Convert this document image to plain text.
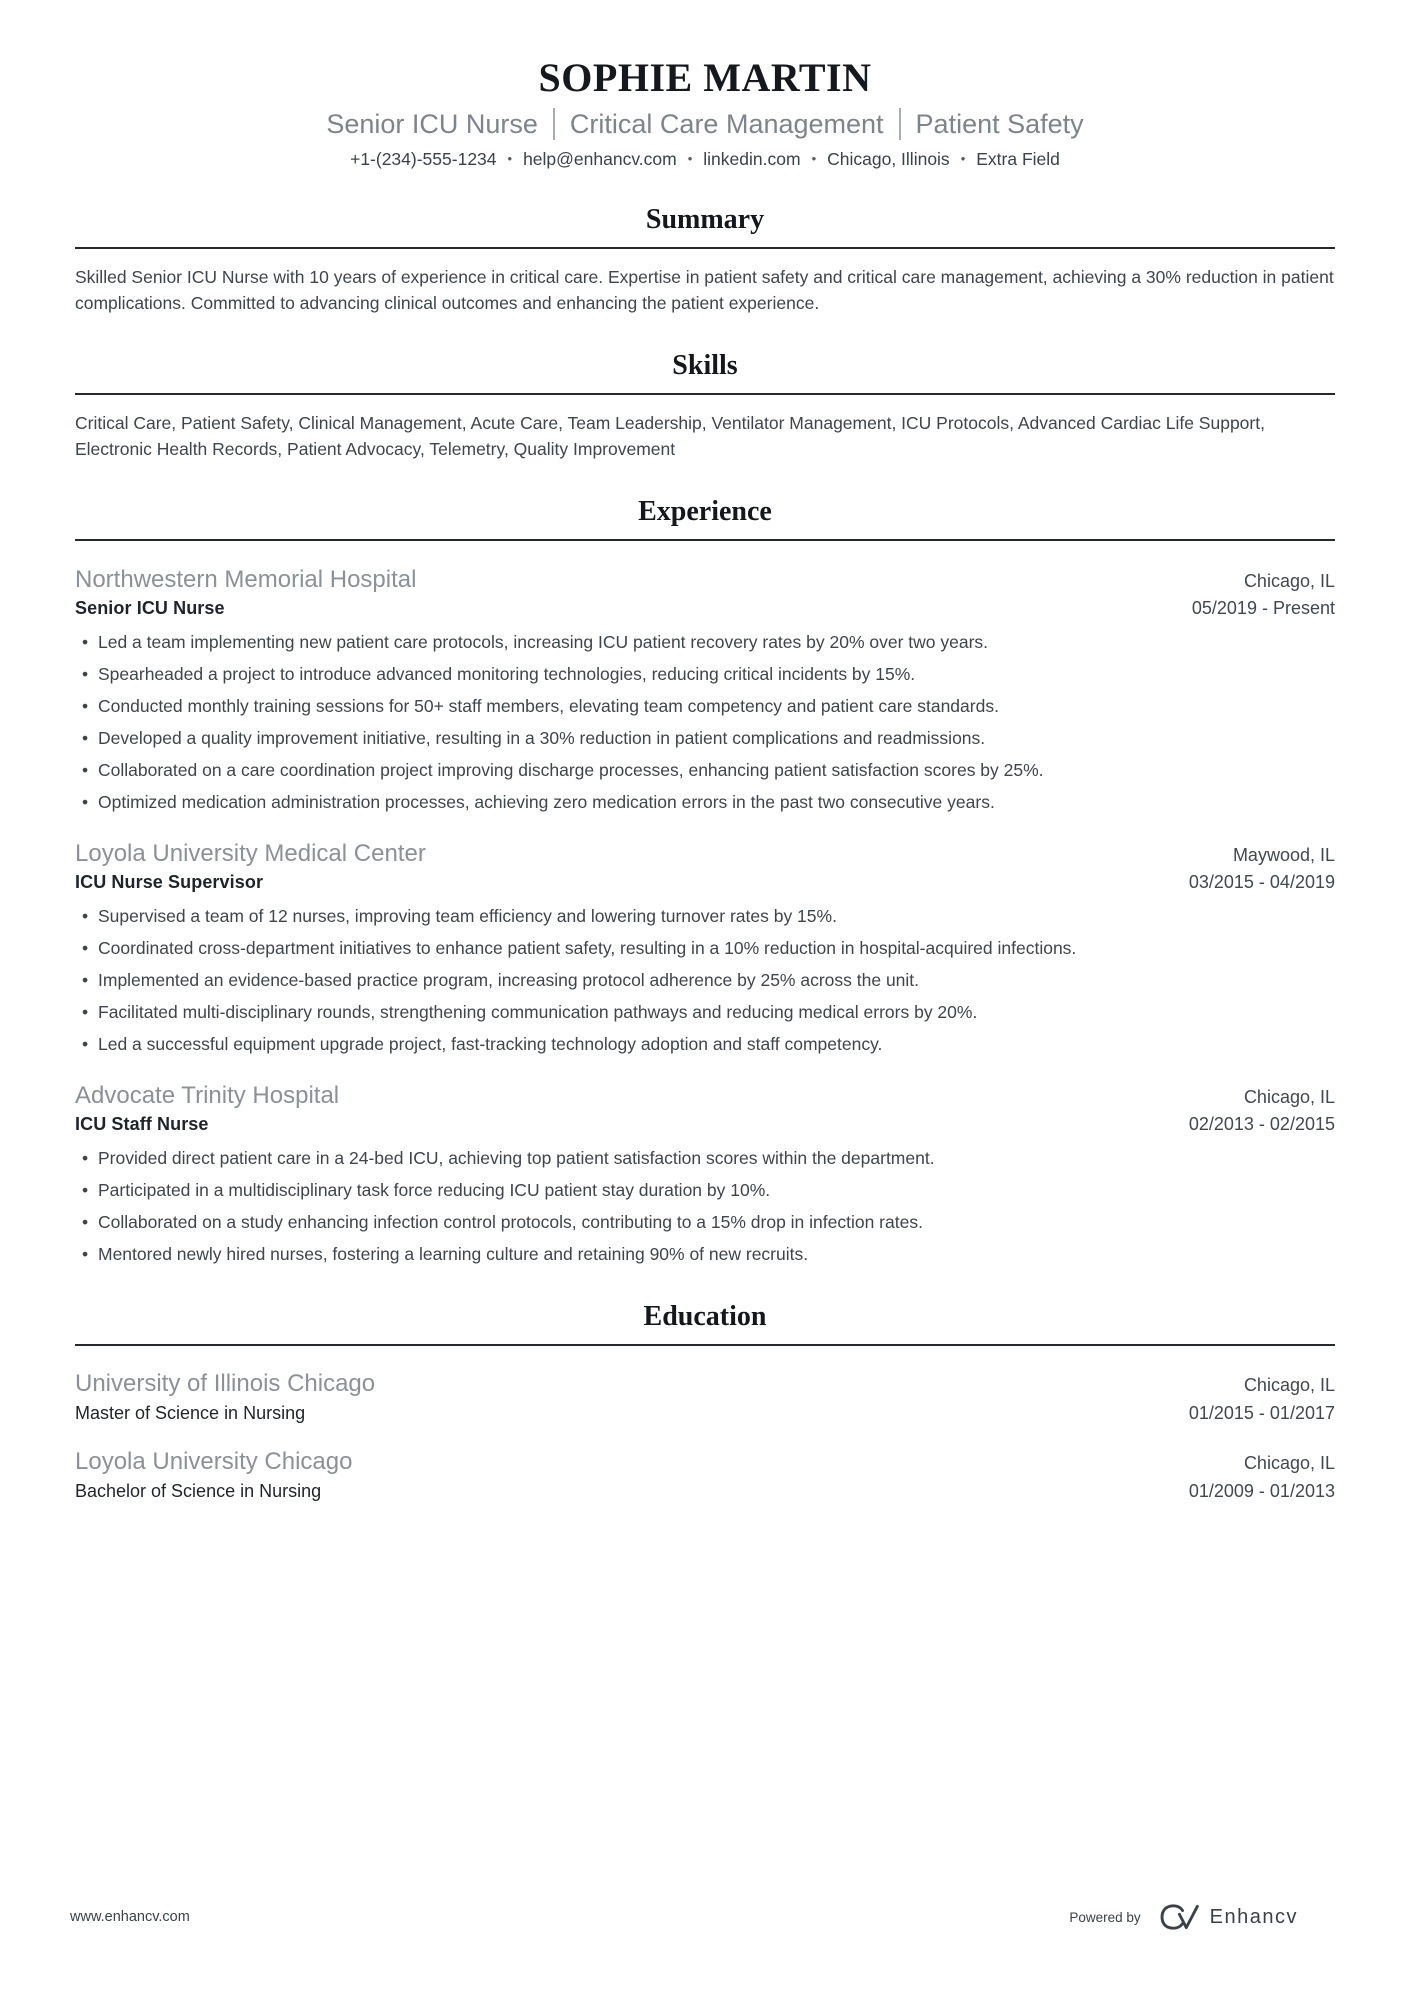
SOPHIE MARTIN
Senior ICU Nurse	Critical Care Management	Patient Safety
+1-(234)-555-1234	• help@enhancv.com	• linkedin.com	• Chicago, Illinois	• Extra Field
Summary

Skilled Senior ICU Nurse with 10 years of experience in critical care. Expertise in patient safety and critical care management, achieving a 30% reduction in patient complications. Committed to advancing clinical outcomes and enhancing the patient experience.

Skills

Critical Care, Patient Safety, Clinical Management, Acute Care, Team Leadership, Ventilator Management, ICU Protocols, Advanced Cardiac Life Support, Electronic Health Records, Patient Advocacy, Telemetry, Quality Improvement

Experience
Northwestern Memorial Hospital	Chicago, IL
Senior ICU Nurse	05/2019 - Present
• Led a team implementing new patient care protocols, increasing ICU patient recovery rates by 20% over two years.
• Spearheaded a project to introduce advanced monitoring technologies, reducing critical incidents by 15%.
• Conducted monthly training sessions for 50+ staff members, elevating team competency and patient care standards.
• Developed a quality improvement initiative, resulting in a 30% reduction in patient complications and readmissions.
• Collaborated on a care coordination project improving discharge processes, enhancing patient satisfaction scores by 25%.
• Optimized medication administration processes, achieving zero medication errors in the past two consecutive years.
Loyola University Medical Center	Maywood, IL
ICU Nurse Supervisor	03/2015 - 04/2019
• Supervised a team of 12 nurses, improving team efficiency and lowering turnover rates by 15%.
• Coordinated cross-department initiatives to enhance patient safety, resulting in a 10% reduction in hospital-acquired infections.
• Implemented an evidence-based practice program, increasing protocol adherence by 25% across the unit.
• Facilitated multi-disciplinary rounds, strengthening communication pathways and reducing medical errors by 20%.
• Led a successful equipment upgrade project, fast-tracking technology adoption and staff competency.
Advocate Trinity Hospital	Chicago, IL
ICU Staff Nurse	02/2013 - 02/2015
• Provided direct patient care in a 24-bed ICU, achieving top patient satisfaction scores within the department.
• Participated in a multidisciplinary task force reducing ICU patient stay duration by 10%.
• Collaborated on a study enhancing infection control protocols, contributing to a 15% drop in infection rates.
• Mentored newly hired nurses, fostering a learning culture and retaining 90% of new recruits.
Education
University of Illinois Chicago	Chicago, IL
Master of Science in Nursing	01/2015 - 01/2017
Loyola University Chicago	Chicago, IL
Bachelor of Science in Nursing	01/2009 - 01/2013
www.enhancv.com	Powered by	Enhancv
